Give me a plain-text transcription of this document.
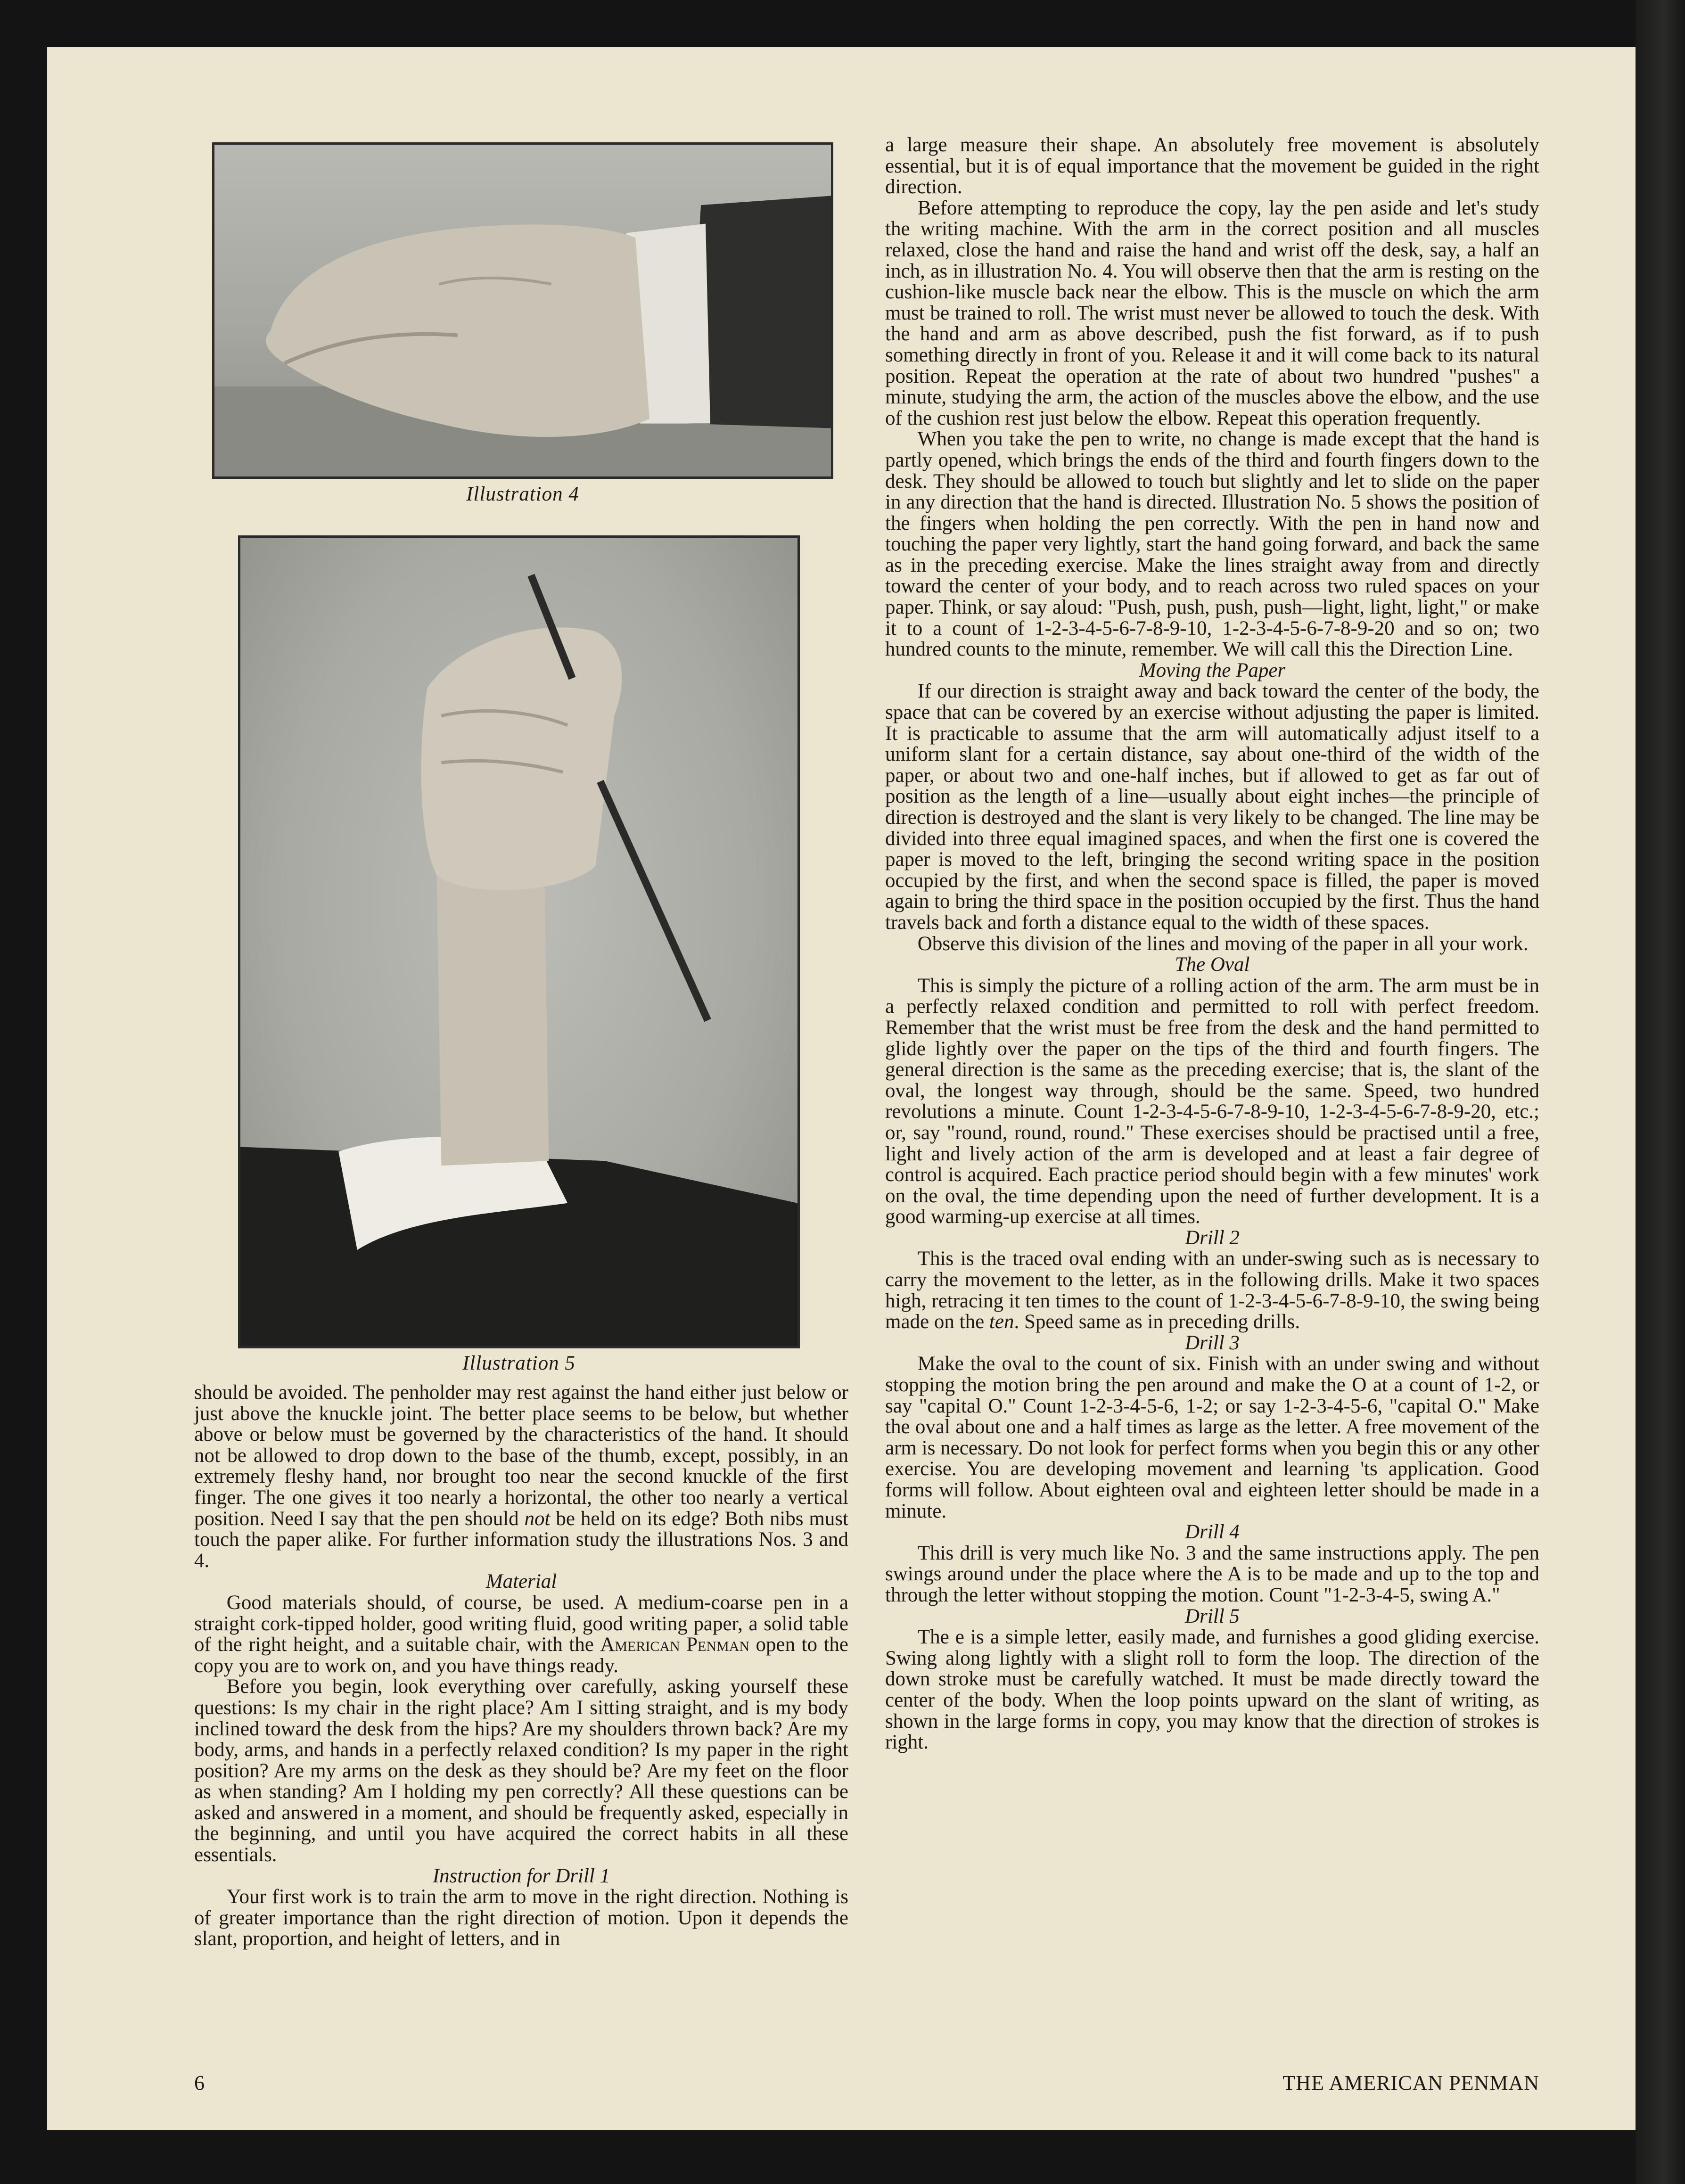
Illustration 4
Illustration 5

should be avoided. The penholder may rest against the hand either just below or just above the knuckle joint. The better place seems to be below, but whether above or below must be governed by the characteristics of the hand. It should not be allowed to drop down to the base of the thumb, except, possibly, in an extremely fleshy hand, nor brought too near the second knuckle of the first finger. The one gives it too nearly a horizontal, the other too nearly a vertical position. Need I say that the pen should not be held on its edge? Both nibs must touch the paper alike. For further information study the illustrations Nos. 3 and 4.

Material

Good materials should, of course, be used. A medium-coarse pen in a straight cork-tipped holder, good writing fluid, good writing paper, a solid table of the right height, and a suitable chair, with the American Penman open to the copy you are to work on, and you have things ready.

Before you begin, look everything over carefully, asking yourself these questions: Is my chair in the right place? Am I sitting straight, and is my body inclined toward the desk from the hips? Are my shoulders thrown back? Are my body, arms, and hands in a perfectly relaxed condition? Is my paper in the right position? Are my arms on the desk as they should be? Are my feet on the floor as when standing? Am I holding my pen correctly? All these questions can be asked and answered in a moment, and should be frequently asked, especially in the beginning, and until you have acquired the correct habits in all these essentials.

Instruction for Drill 1

Your first work is to train the arm to move in the right direction. Nothing is of greater importance than the right direction of motion. Upon it depends the slant, proportion, and height of letters, and in

a large measure their shape. An absolutely free movement is absolutely essential, but it is of equal importance that the movement be guided in the right direction.

Before attempting to reproduce the copy, lay the pen aside and let's study the writing machine. With the arm in the correct position and all muscles relaxed, close the hand and raise the hand and wrist off the desk, say, a half an inch, as in illustration No. 4. You will observe then that the arm is resting on the cushion-like muscle back near the elbow. This is the muscle on which the arm must be trained to roll. The wrist must never be allowed to touch the desk. With the hand and arm as above described, push the fist forward, as if to push something directly in front of you. Release it and it will come back to its natural position. Repeat the operation at the rate of about two hundred "pushes" a minute, studying the arm, the action of the muscles above the elbow, and the use of the cushion rest just below the elbow. Repeat this operation frequently.

When you take the pen to write, no change is made except that the hand is partly opened, which brings the ends of the third and fourth fingers down to the desk. They should be allowed to touch but slightly and let to slide on the paper in any direction that the hand is directed. Illustration No. 5 shows the position of the fingers when holding the pen correctly. With the pen in hand now and touching the paper very lightly, start the hand going forward, and back the same as in the preceding exercise. Make the lines straight away from and directly toward the center of your body, and to reach across two ruled spaces on your paper. Think, or say aloud: "Push, push, push, push—light, light, light," or make it to a count of 1-2-3-4-5-6-7-8-9-10, 1-2-3-4-5-6-7-8-9-20 and so on; two hundred counts to the minute, remember. We will call this the Direction Line.

Moving the Paper

If our direction is straight away and back toward the center of the body, the space that can be covered by an exercise without adjusting the paper is limited. It is practicable to assume that the arm will automatically adjust itself to a uniform slant for a certain distance, say about one-third of the width of the paper, or about two and one-half inches, but if allowed to get as far out of position as the length of a line—usually about eight inches—the principle of direction is destroyed and the slant is very likely to be changed. The line may be divided into three equal imagined spaces, and when the first one is covered the paper is moved to the left, bringing the second writing space in the position occupied by the first, and when the second space is filled, the paper is moved again to bring the third space in the position occupied by the first. Thus the hand travels back and forth a distance equal to the width of these spaces.

Observe this division of the lines and moving of the paper in all your work.

The Oval

This is simply the picture of a rolling action of the arm. The arm must be in a perfectly relaxed condition and permitted to roll with perfect freedom. Remember that the wrist must be free from the desk and the hand permitted to glide lightly over the paper on the tips of the third and fourth fingers. The general direction is the same as the preceding exercise; that is, the slant of the oval, the longest way through, should be the same. Speed, two hundred revolutions a minute. Count 1-2-3-4-5-6-7-8-9-10, 1-2-3-4-5-6-7-8-9-20, etc.; or, say "round, round, round." These exercises should be practised until a free, light and lively action of the arm is developed and at least a fair degree of control is acquired. Each practice period should begin with a few minutes' work on the oval, the time depending upon the need of further development. It is a good warming-up exercise at all times.

Drill 2

This is the traced oval ending with an under-swing such as is necessary to carry the movement to the letter, as in the following drills. Make it two spaces high, retracing it ten times to the count of 1-2-3-4-5-6-7-8-9-10, the swing being made on the ten. Speed same as in preceding drills.

Drill 3

Make the oval to the count of six. Finish with an under swing and without stopping the motion bring the pen around and make the O at a count of 1-2, or say "capital O." Count 1-2-3-4-5-6, 1-2; or say 1-2-3-4-5-6, "capital O." Make the oval about one and a half times as large as the letter. A free movement of the arm is necessary. Do not look for perfect forms when you begin this or any other exercise. You are developing movement and learning 'ts application. Good forms will follow. About eighteen oval and eighteen letter should be made in a minute.

Drill 4

This drill is very much like No. 3 and the same instructions apply. The pen swings around under the place where the A is to be made and up to the top and through the letter without stopping the motion. Count "1-2-3-4-5, swing A."

Drill 5

The e is a simple letter, easily made, and furnishes a good gliding exercise. Swing along lightly with a slight roll to form the loop. The direction of the down stroke must be carefully watched. It must be made directly toward the center of the body. When the loop points upward on the slant of writing, as shown in the large forms in copy, you may know that the direction of strokes is right.

6	THE AMERICAN PENMAN
